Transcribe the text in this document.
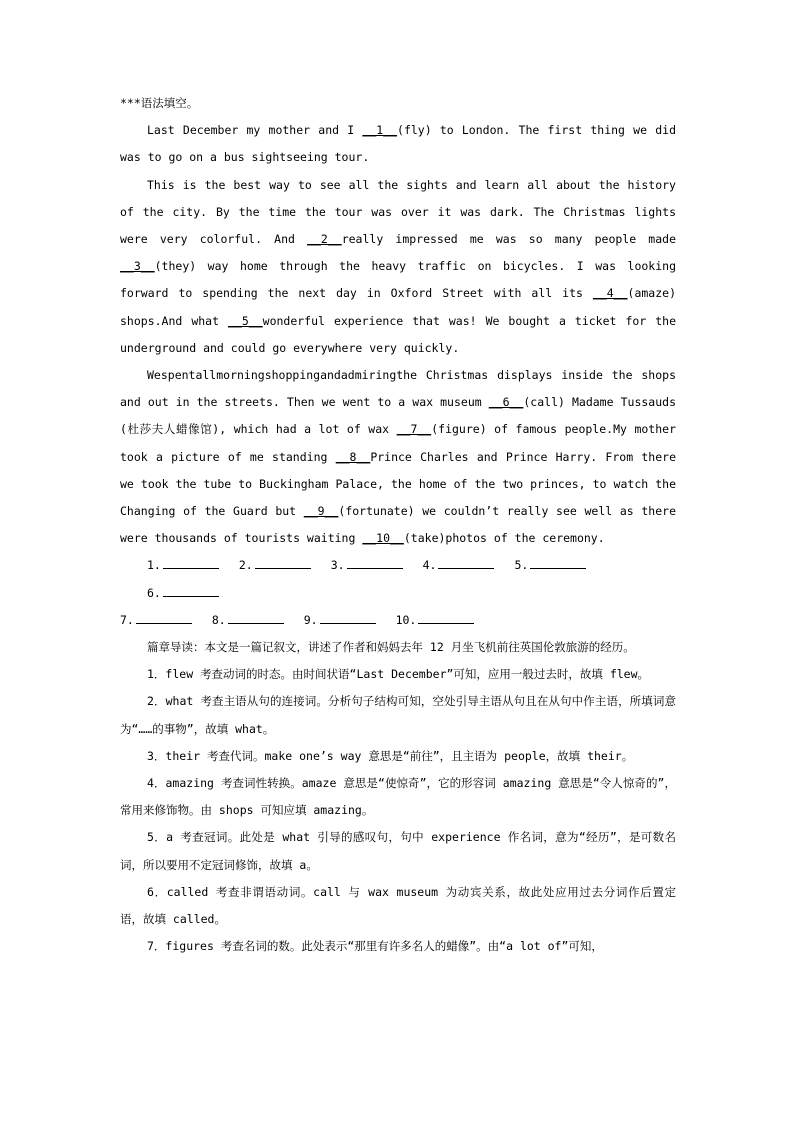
***语法填空。

Last December my mother and I __1__(fly) to London. The first thing we did was to go on a bus sightseeing tour.

This is the best way to see all the sights and learn all about the history of the city. By the time the tour was over it was dark. The Christmas lights were very colorful. And __2__really impressed me was so many people made __3__(they) way home through the heavy traffic on bicycles. I was looking forward to spending the next day in Oxford Street with all its __4__(amaze) shops.And what __5__wonderful experience that was! We bought a ticket for the underground and could go everywhere very quickly.

Wespentallmorningshoppingandadmiringthe Christmas displays inside the shops and out in the streets. Then we went to a wax museum __6__(call) Madame Tussauds (杜莎夫人蜡像馆), which had a lot of wax __7__(figure) of famous people.My mother took a picture of me standing __8__Prince Charles and Prince Harry. From there we took the tube to Buckingham Palace, the home of the two princes, to watch the Changing of the Guard but __9__(fortunate) we couldn’t really see well as there were thousands of tourists waiting __10__(take)photos of the ceremony.

1.	2.	3.	4.	5.
6.
7.	8.	9.	10.

篇章导读：本文是一篇记叙文，讲述了作者和妈妈去年 12 月坐飞机前往英国伦敦旅游的经历。

1．flew 考查动词的时态。由时间状语“Last December”可知，应用一般过去时，故填 flew。

2．what 考查主语从句的连接词。分析句子结构可知，空处引导主语从句且在从句中作主语，所填词意为“……的事物”，故填 what。

3．their 考查代词。make one’s way 意思是“前往”，且主语为 people，故填 their。

4．amazing 考查词性转换。amaze 意思是“使惊奇”，它的形容词 amazing 意思是“令人惊奇的”，常用来修饰物。由 shops 可知应填 amazing。

5．a 考查冠词。此处是 what 引导的感叹句，句中 experience 作名词，意为“经历”，是可数名词，所以要用不定冠词修饰，故填 a。

6．called 考查非谓语动词。call 与 wax museum 为动宾关系，故此处应用过去分词作后置定语，故填 called。

7．figures 考查名词的数。此处表示“那里有许多名人的蜡像”。由“a lot of”可知，
